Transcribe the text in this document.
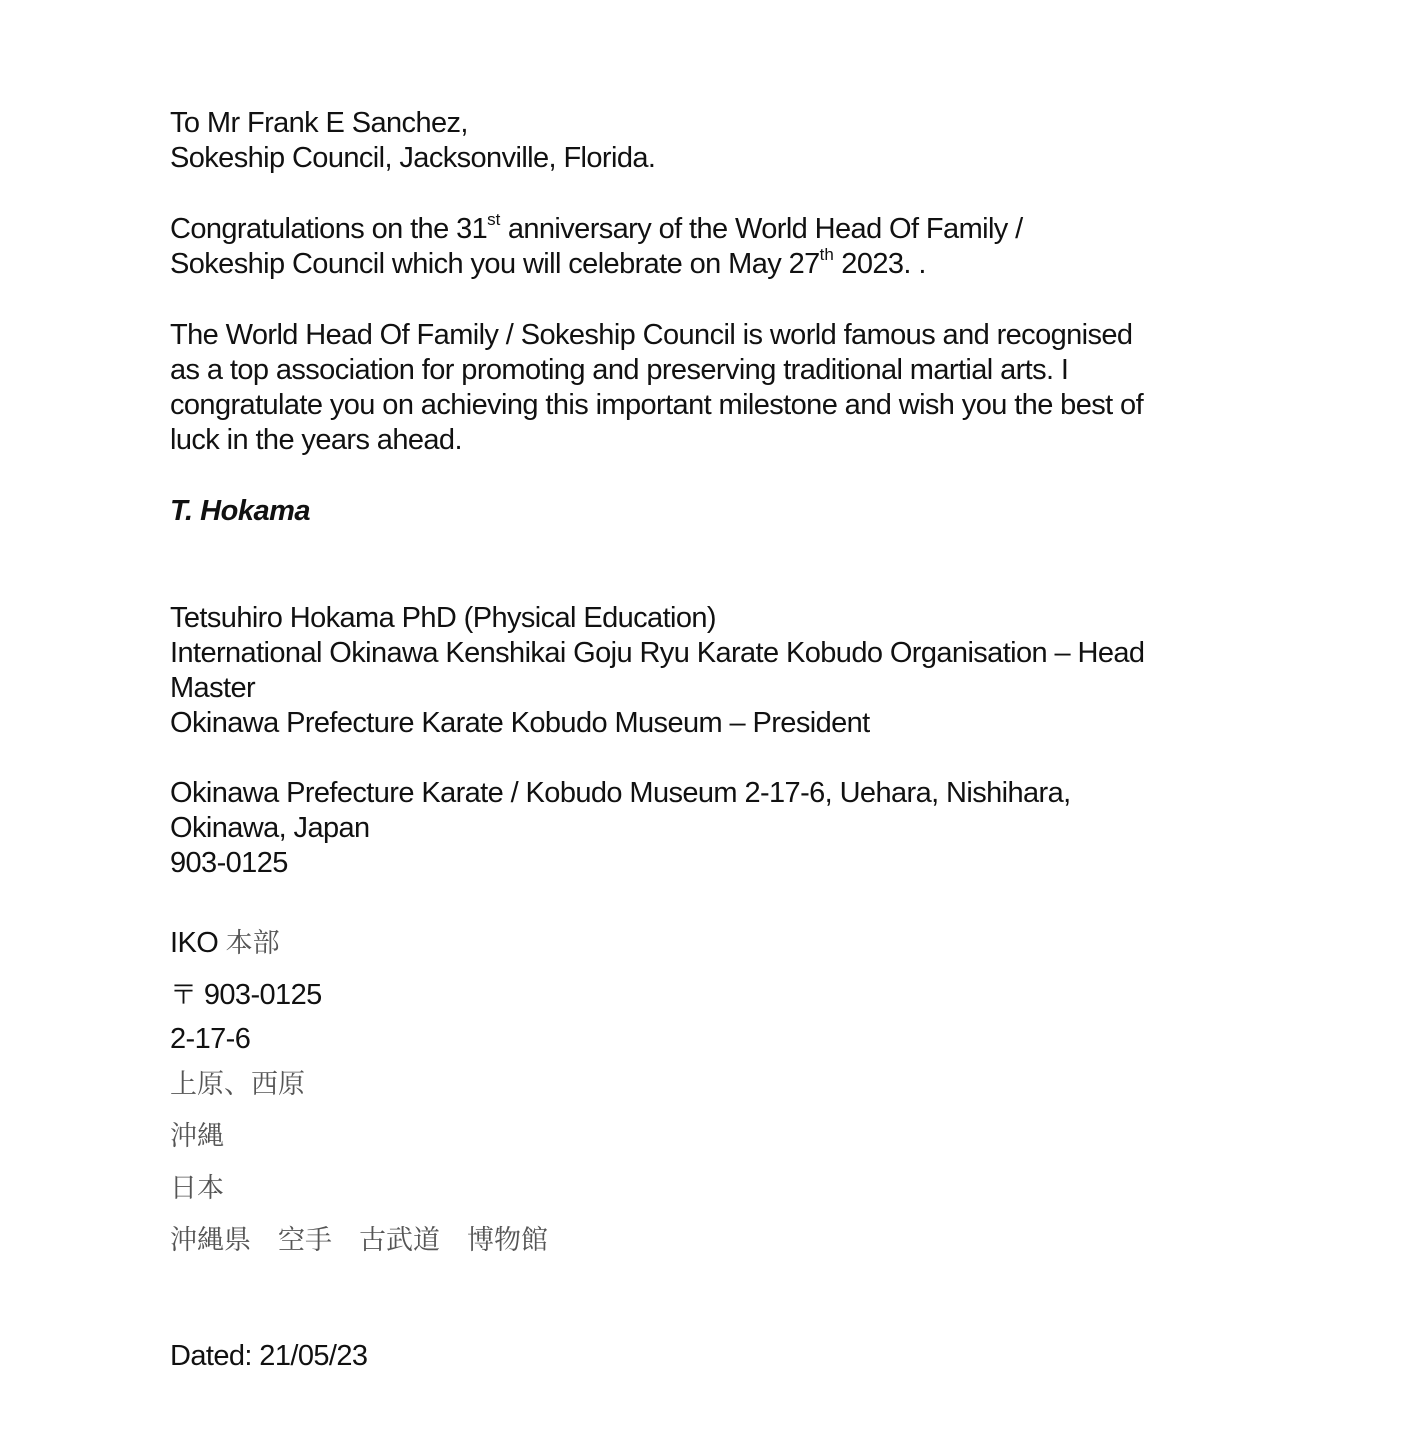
To Mr Frank E Sanchez,
Sokeship Council, Jacksonville, Florida.

Congratulations on the 31st anniversary of the World Head Of Family /
Sokeship Council which you will celebrate on May 27th 2023. .

The World Head Of Family / Sokeship Council is world famous and recognised as a top association for promoting and preserving traditional martial arts. I congratulate you on achieving this important milestone and wish you the best of luck in the years ahead.

T. Hokama

Tetsuhiro Hokama PhD (Physical Education)
International Okinawa Kenshikai Goju Ryu Karate Kobudo Organisation – Head Master
Okinawa Prefecture Karate Kobudo Museum – President

Okinawa Prefecture Karate / Kobudo Museum 2-17-6, Uehara, Nishihara,
Okinawa, Japan
903-0125

IKO 本部
〒 903-0125
2-17-6
上原、西原
沖縄
日本
沖縄県　空手　古武道　博物館

Dated: 21/05/23
